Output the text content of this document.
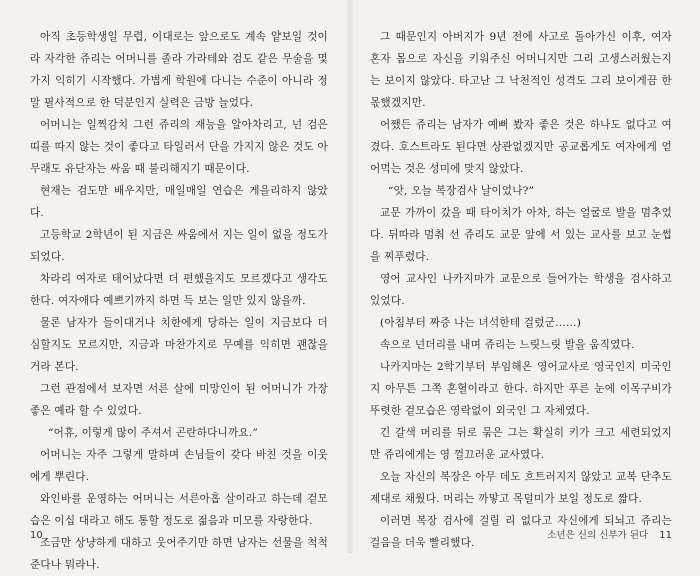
아직 초등학생일 무렵, 이대로는 앞으로도 계속 얕보일 것이라 자각한 쥬리는 어머니를 졸라 가라테와 검도 같은 무술을 몇 가지 익히기 시작했다. 가볍게 학원에 다니는 수준이 아니라 정말 필사적으로 한 덕분인지 실력은 금방 늘었다.

어머니는 일찍감치 그런 쥬리의 재능을 알아차리고, 넌 검은 띠를 따지 않는 것이 좋다고 타일러서 단을 가지지 않은 것도 아무래도 유단자는 싸움 때 불리해지기 때문이다.

현재는 검도만 배우지만, 매일매일 연습은 게을리하지 않았다.

고등학교 2학년이 된 지금은 싸움에서 지는 일이 없을 정도가 되었다.

차라리 여자로 태어났다면 더 편했을지도 모르겠다고 생각도 한다. 여자애다 예쁘기까지 하면 득 보는 일만 있지 않을까.

물론 남자가 들이대거나 치한에게 당하는 일이 지금보다 더 심할지도 모르지만, 지금과 마찬가지로 무예를 익히면 괜찮을 거라 본다.

그런 관점에서 보자면 서른 살에 미망인이 된 어머니가 가장 좋은 예라 할 수 있었다.

“어휴, 이렇게 많이 주셔서 곤란하다니까요.”

어머니는 자주 그렇게 말하며 손님들이 갖다 바친 것을 이웃에게 뿌린다.

와인바를 운영하는 어머니는 서른아홉 살이라고 하는데 겉모습은 이십 대라고 해도 통할 정도로 젊음과 미모를 자랑한다.

조금만 상냥하게 대하고 웃어주기만 하면 남자는 선물을 척척 준다나 뭐라나.

그 때문인지 아버지가 9년 전에 사고로 돌아가신 이후, 여자 혼자 몸으로 자신을 키워주신 어머니지만 그리 고생스러웠는지는 보이지 않았다. 타고난 그 낙천적인 성격도 그리 보이게끔 한몫했겠지만.

어쨌든 쥬리는 남자가 예뻐 봤자 좋은 것은 하나도 없다고 여겼다. 호스트라도 된다면 상관없겠지만 공교롭게도 여자에게 얻어먹는 것은 성미에 맞지 않았다.

“앗, 오늘 복장검사 날이었나?”

교문 가까이 갔을 때 타이치가 아차, 하는 얼굴로 발을 멈추었다. 뒤따라 멈춰 선 쥬리도 교문 앞에 서 있는 교사를 보고 눈썹을 찌푸렸다.

영어 교사인 나카지마가 교문으로 들어가는 학생을 검사하고 있었다.

(아침부터 짜증 나는 녀석한테 걸렸군……)

속으로 넌더리를 내며 쥬리는 느릿느릿 발을 움직였다.

나카지마는 2학기부터 부임해온 영어교사로 영국인지 미국인지 아무튼 그쪽 혼혈이라고 한다. 하지만 푸른 눈에 이목구비가 뚜렷한 겉모습은 영락없이 외국인 그 자체였다.

긴 갈색 머리를 뒤로 묶은 그는 확실히 키가 크고 세련되었지만 쥬리에게는 영 껄끄러운 교사였다.

오늘 자신의 복장은 아무 데도 흐트러지지 않았고 교복 단추도 제대로 채웠다. 머리는 까맣고 목덜미가 보일 정도로 짧다.

이러면 복장 검사에 걸릴 리 없다고 자신에게 되뇌고 쥬리는 걸음을 더욱 빨리했다.

10	소년은 신의 신부가 된다 11
